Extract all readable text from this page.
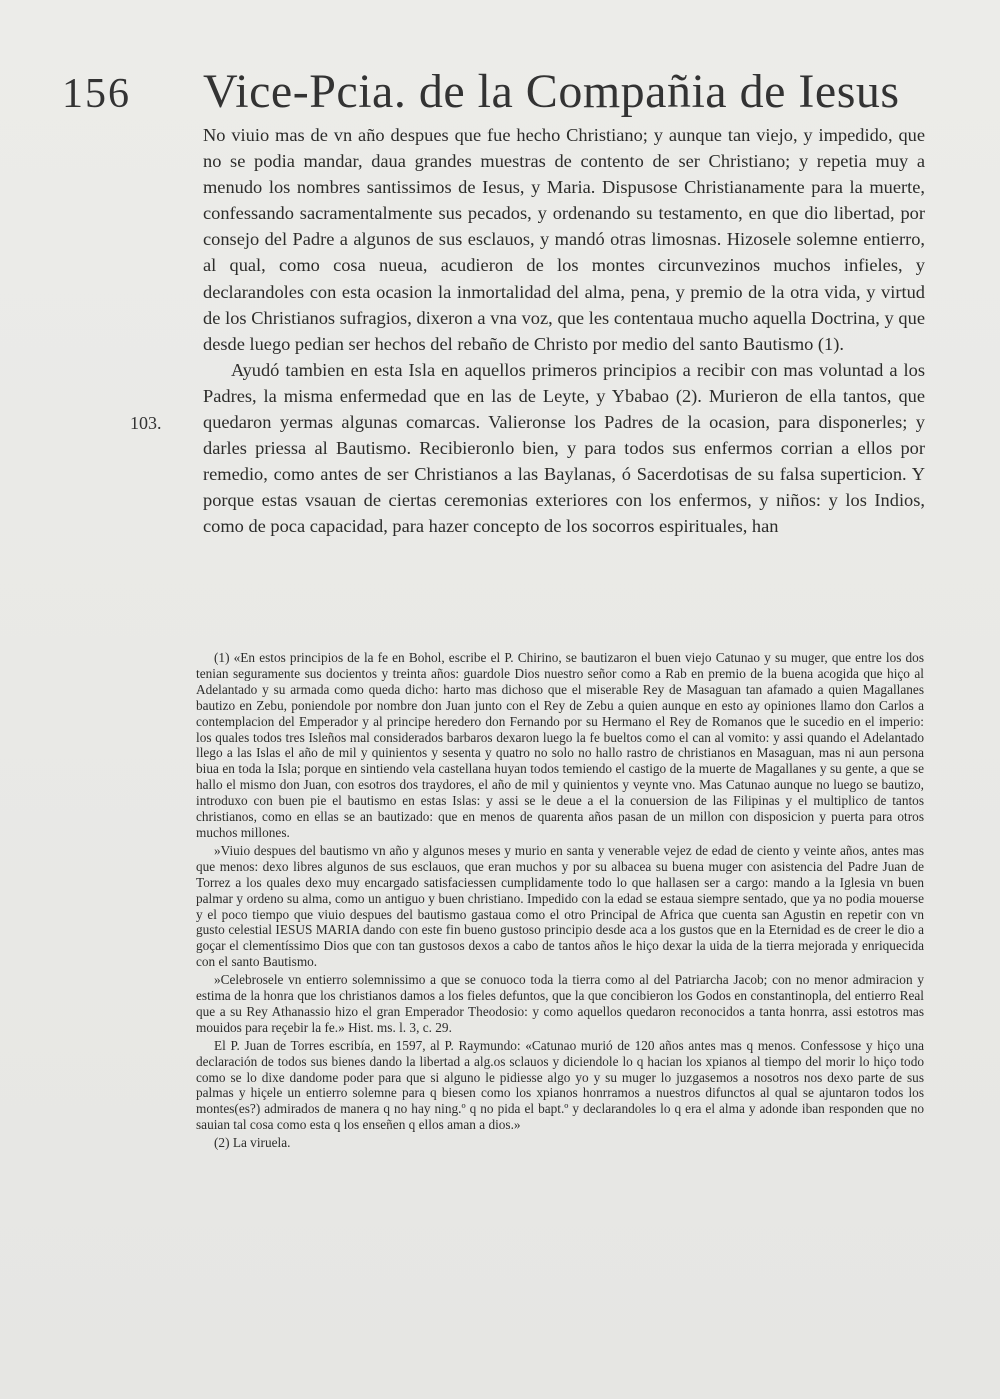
156 Vice-Pcia. de la Compañia de Iesus
103.

No viuio mas de vn año despues que fue hecho Christiano; y aunque tan viejo, y impedido, que no se podia mandar, daua grandes muestras de contento de ser Christiano; y repetia muy a menudo los nombres santissimos de Iesus, y Maria. Dispusose Christianamente para la muerte, confessando sacramentalmente sus pecados, y ordenando su testamento, en que dio libertad, por consejo del Padre a algunos de sus esclauos, y mandó otras limosnas. Hizosele solemne entierro, al qual, como cosa nueua, acudieron de los montes circunvezinos muchos infieles, y declarandoles con esta ocasion la inmortalidad del alma, pena, y premio de la otra vida, y virtud de los Christianos sufragios, dixeron a vna voz, que les contentaua mucho aquella Doctrina, y que desde luego pedian ser hechos del rebaño de Christo por medio del santo Bautismo (1).

Ayudó tambien en esta Isla en aquellos primeros principios a recibir con mas voluntad a los Padres, la misma enfermedad que en las de Leyte, y Ybabao (2). Murieron de ella tantos, que quedaron yermas algunas comarcas. Valieronse los Padres de la ocasion, para disponerles; y darles priessa al Bautismo. Recibieronlo bien, y para todos sus enfermos corrian a ellos por remedio, como antes de ser Christianos a las Baylanas, ó Sacerdotisas de su falsa superticion. Y porque estas vsauan de ciertas ceremonias exteriores con los enfermos, y niños: y los Indios, como de poca capacidad, para hazer concepto de los socorros espirituales, han

(1) «En estos principios de la fe en Bohol, escribe el P. Chirino, se bautizaron el buen viejo Catunao y su muger, que entre los dos tenian seguramente sus docientos y treinta años: guardole Dios nuestro señor como a Rab en premio de la buena acogida que hiço al Adelantado y su armada como queda dicho: harto mas dichoso que el miserable Rey de Masaguan tan afamado a quien Magallanes bautizo en Zebu, poniendole por nombre don Juan junto con el Rey de Zebu a quien aunque en esto ay opiniones llamo don Carlos a contemplacion del Emperador y al principe heredero don Fernando por su Hermano el Rey de Romanos que le sucedio en el imperio: los quales todos tres Isleños mal considerados barbaros dexaron luego la fe bueltos como el can al vomito: y assi quando el Adelantado llego a las Islas el año de mil y quinientos y sesenta y quatro no solo no hallo rastro de christianos en Masaguan, mas ni aun persona biua en toda la Isla; porque en sintiendo vela castellana huyan todos temiendo el castigo de la muerte de Magallanes y su gente, a que se hallo el mismo don Juan, con esotros dos traydores, el año de mil y quinientos y veynte vno. Mas Catunao aunque no luego se bautizo, introduxo con buen pie el bautismo en estas Islas: y assi se le deue a el la conuersion de las Filipinas y el multiplico de tantos christianos, como en ellas se an bautizado: que en menos de quarenta años pasan de un millon con disposicion y puerta para otros muchos millones.

»Viuio despues del bautismo vn año y algunos meses y murio en santa y venerable vejez de edad de ciento y veinte años, antes mas que menos: dexo libres algunos de sus esclauos, que eran muchos y por su albacea su buena muger con asistencia del Padre Juan de Torrez a los quales dexo muy encargado satisfaciessen cumplidamente todo lo que hallasen ser a cargo: mando a la Iglesia vn buen palmar y ordeno su alma, como un antiguo y buen christiano. Impedido con la edad se estaua siempre sentado, que ya no podia mouerse y el poco tiempo que viuio despues del bautismo gastaua como el otro Principal de Africa que cuenta san Agustin en repetir con vn gusto celestial IESUS MARIA dando con este fin bueno gustoso principio desde aca a los gustos que en la Eternidad es de creer le dio a goçar el clementíssimo Dios que con tan gustosos dexos a cabo de tantos años le hiço dexar la uida de la tierra mejorada y enriquecida con el santo Bautismo.

»Celebrosele vn entierro solemnissimo a que se conuoco toda la tierra como al del Patriarcha Jacob; con no menor admiracion y estima de la honra que los christianos damos a los fieles defuntos, que la que concibieron los Godos en constantinopla, del entierro Real que a su Rey Athanassio hizo el gran Emperador Theodosio: y como aquellos quedaron reconocidos a tanta honrra, assi estotros mas mouidos para reçebir la fe.» Hist. ms. l. 3, c. 29.

El P. Juan de Torres escribía, en 1597, al P. Raymundo: «Catunao murió de 120 años antes mas q menos. Confessose y hiço una declaración de todos sus bienes dando la libertad a alg.os sclauos y diciendole lo q hacian los xpianos al tiempo del morir lo hiço todo como se lo dixe dandome poder para que si alguno le pidiesse algo yo y su muger lo juzgasemos a nosotros nos dexo parte de sus palmas y hiçele un entierro solemne para q biesen como los xpianos honrramos a nuestros difunctos al qual se ajuntaron todos los montes(es?) admirados de manera q no hay ning.º q no pida el bapt.º y declarandoles lo q era el alma y adonde iban responden que no sauian tal cosa como esta q los enseñen q ellos aman a dios.»

(2) La viruela.
